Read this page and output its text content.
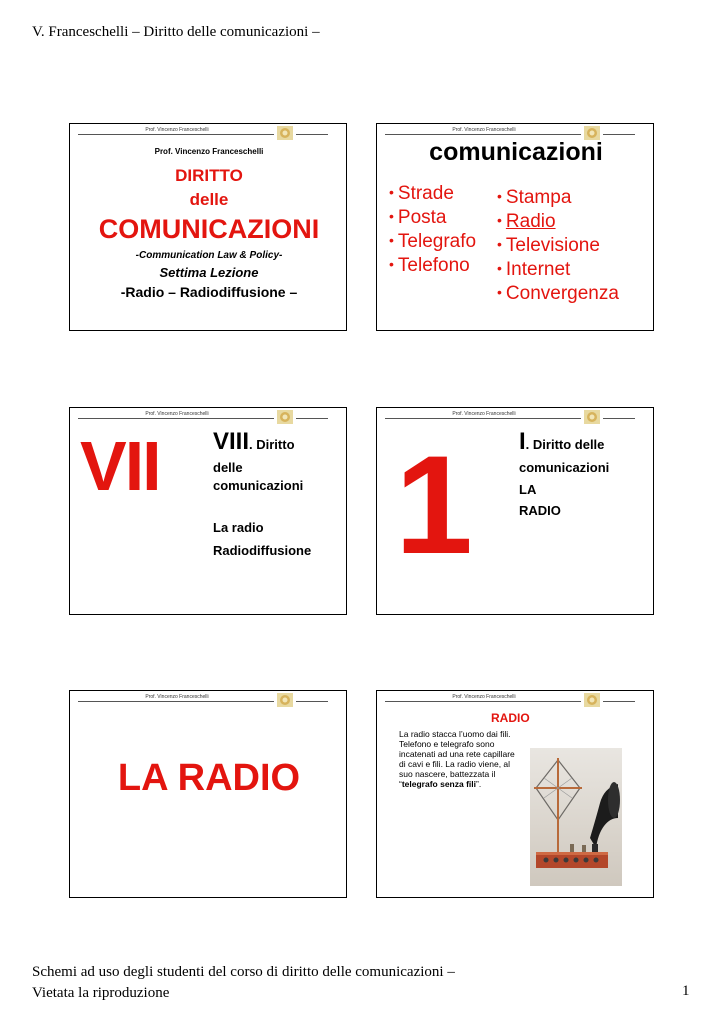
V. Franceschelli – Diritto delle comunicazioni –
Prof. Vincenzo Franceschelli
Prof. Vincenzo Franceschelli
DIRITTO
delle
COMUNICAZIONI
-Communication Law & Policy-
Settima Lezione
-Radio – Radiodiffusione –
Prof. Vincenzo Franceschelli
comunicazioni
• Strade
• Posta
• Telegrafo
• Telefono
• Stampa
• Radio
• Televisione
• Internet
• Convergenza
Prof. Vincenzo Franceschelli
VII VIII. Diritto
delle
comunicazioni
La radio
Radiodiffusione
Prof. Vincenzo Franceschelli
1 I. Diritto delle
comunicazioni
LA
RADIO
Prof. Vincenzo Franceschelli
LA RADIO
Prof. Vincenzo Franceschelli
RADIO
La radio stacca l’uomo dai fili. Telefono e telegrafo sono incatenati ad una rete capillare di cavi e fili. La radio viene, al suo nascere, battezzata il “telegrafo senza fili”.
Schemi ad uso degli studenti del corso di diritto delle comunicazioni –
Vietata la riproduzione	1
